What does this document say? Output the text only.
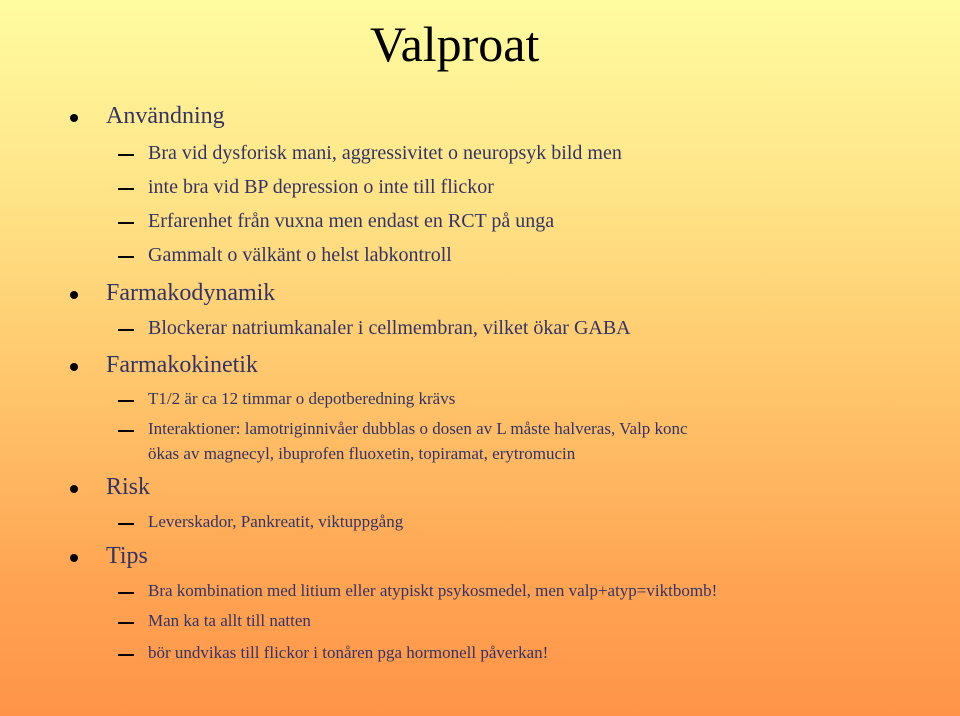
Valproat
Användning
Bra vid dysforisk mani, aggressivitet o neuropsyk bild men
inte bra vid BP depression o inte till flickor
Erfarenhet från vuxna men endast en RCT på unga
Gammalt o välkänt o helst labkontroll
Farmakodynamik
Blockerar natriumkanaler i cellmembran, vilket ökar GABA
Farmakokinetik
T1/2 är ca 12 timmar o depotberedning krävs
Interaktioner: lamotriginnivåer dubblas o dosen av L måste halveras, Valp konc
ökas av magnecyl, ibuprofen fluoxetin, topiramat, erytromucin
Risk
Leverskador, Pankreatit, viktuppgång
Tips
Bra kombination med litium eller atypiskt psykosmedel, men valp+atyp=viktbomb!
Man ka ta allt till natten
bör undvikas till flickor i tonåren pga hormonell påverkan!
